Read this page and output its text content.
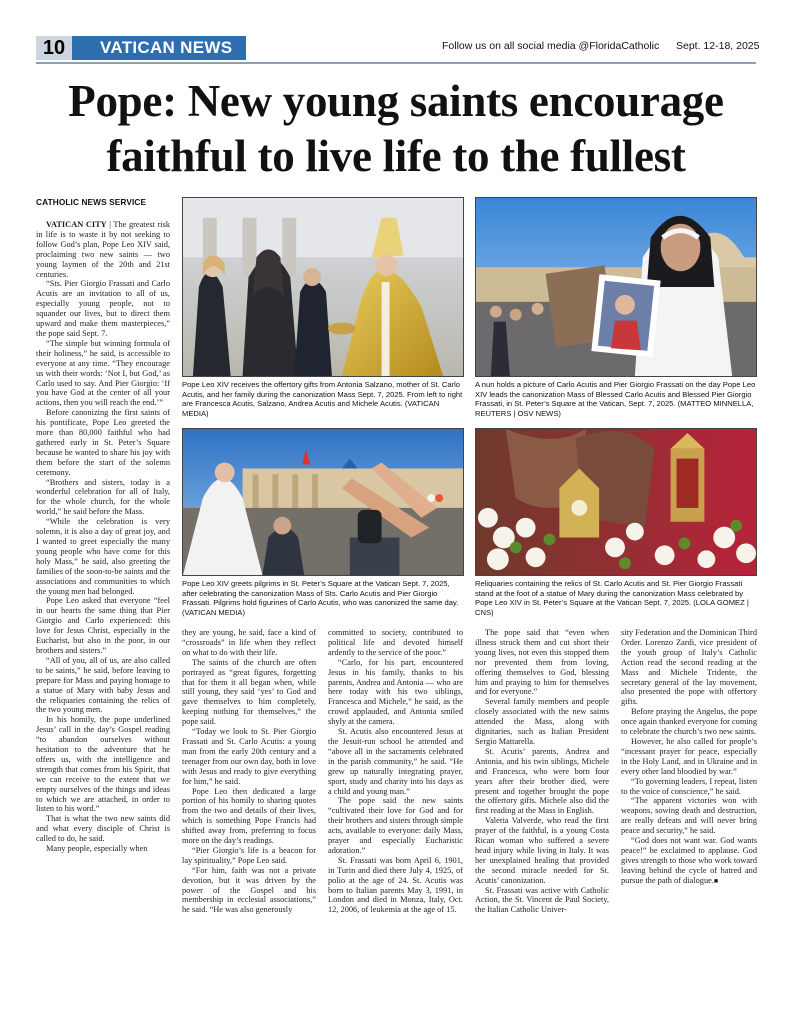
10	VATICAN NEWS	Follow us on all social media @FloridaCatholic Sept. 12-18, 2025
Pope: New young saints encourage
faithful to live life to the fullest
CATHOLIC NEWS SERVICE

VATICAN CITY | The greatest risk in life is to waste it by not seeking to follow God’s plan, Pope Leo XIV said, proclaiming two new saints — two young laymen of the 20th and 21st centuries.

“Sts. Pier Giorgio Frassati and Carlo Acutis are an invitation to all of us, especially young people, not to squander our lives, but to direct them upward and make them masterpieces,” the pope said Sept. 7.

“The simple but winning formula of their holiness,” he said, is accessible to everyone at any time. “They encourage us with their words: ‘Not I, but God,’ as Carlo used to say. And Pier Giorgio: ‘If you have God at the center of all your actions, then you will reach the end.’”

Before canonizing the first saints of his pontificate, Pope Leo greeted the more than 80,000 faithful who had gathered early in St. Peter’s Square because he wanted to share his joy with them before the start of the solemn ceremony.

“Brothers and sisters, today is a wonderful celebration for all of Italy, for the whole church, for the whole world,” he said before the Mass.

“While the celebration is very solemn, it is also a day of great joy, and I wanted to greet especially the many young people who have come for this holy Mass,” he said, also greeting the families of the soon-to-be saints and the associations and communities to which the young men had belonged.

Pope Leo asked that everyone “feel in our hearts the same thing that Pier Giorgio and Carlo experienced: this love for Jesus Christ, especially in the Eucharist, but also in the poor, in our brothers and sisters.”

“All of you, all of us, are also called to be saints,” he said, before leaving to prepare for Mass and paying homage to a statue of Mary with baby Jesus and the reliquaries containing the relics of the two young men.

In his homily, the pope underlined Jesus’ call in the day’s Gospel reading “to abandon ourselves without hesitation to the adventure that he offers us, with the intelligence and strength that comes from his Spirit, that we can receive to the extent that we empty ourselves of the things and ideas to which we are attached, in order to listen to his word.”

That is what the two new saints did and what every disciple of Christ is called to do, he said.

Many people, especially when

Pope Leo XIV receives the offertory gifts from Antonia Salzano, mother of St. Carlo Acutis, and her family during the canonization Mass Sept. 7, 2025. From left to right are Francesca Acutis, Salzano, Andrea Acutis and Michele Acutis. (VATICAN MEDIA)
A nun holds a picture of Carlo Acutis and Pier Giorgio Frassati on the day Pope Leo XIV leads the canonization Mass of Blessed Carlo Acutis and Blessed Pier Giorgio Frassati, in St. Peter’s Square at the Vatican, Sept. 7, 2025. (MATTEO MINNELLA, REUTERS | OSV NEWS)
Pope Leo XIV greets pilgrims in St. Peter’s Square at the Vatican Sept. 7, 2025, after celebrating the canonization Mass of Sts. Carlo Acutis and Pier Giorgio Frassati. Pilgrims hold figurines of Carlo Acutis, who was canonized the same day. (VATICAN MEDIA)
Reliquaries containing the relics of St. Carlo Acutis and St. Pier Giorgio Frassati stand at the foot of a statue of Mary during the canonization Mass celebrated by Pope Leo XIV in St. Peter’s Square at the Vatican Sept. 7, 2025. (LOLA GOMEZ | CNS)

they are young, he said, face a kind of “crossroads” in life when they reflect on what to do with their life.

The saints of the church are often portrayed as “great figures, forgetting that for them it all began when, while still young, they said ‘yes’ to God and gave themselves to him completely, keeping nothing for themselves,” the pope said.

“Today we look to St. Pier Giorgio Frassati and St. Carlo Acutis: a young man from the early 20th century and a teenager from our own day, both in love with Jesus and ready to give everything for him,” he said.

Pope Leo then dedicated a large portion of his homily to sharing quotes from the two and details of their lives, which is something Pope Francis had shifted away from, preferring to focus more on the day’s readings.

“Pier Giorgio’s life is a beacon for lay spirituality,” Pope Leo said.

“For him, faith was not a private devotion, but it was driven by the power of the Gospel and his membership in ecclesial associations,” he said. “He was also generously

committed to society, contributed to political life and devoted himself ardently to the service of the poor.”

“Carlo, for his part, encountered Jesus in his family, thanks to his parents, Andrea and Antonia — who are here today with his two siblings, Francesca and Michele,” he said, as the crowd applauded, and Antonia smiled shyly at the camera.

St. Acutis also encountered Jesus at the Jesuit-run school he attended and “above all in the sacraments celebrated in the parish community,” he said. “He grew up naturally integrating prayer, sport, study and charity into his days as a child and young man.”

The pope said the new saints “cultivated their love for God and for their brothers and sisters through simple acts, available to everyone: daily Mass, prayer and especially Eucharistic adoration.”

St. Frassati was born April 6, 1901, in Turin and died there July 4, 1925, of polio at the age of 24. St. Acutis was born to Italian parents May 3, 1991, in London and died in Monza, Italy, Oct. 12, 2006, of leukemia at the age of 15.

The pope said that “even when illness struck them and cut short their young lives, not even this stopped them nor prevented them from loving, offering themselves to God, blessing him and praying to him for themselves and for everyone.”

Several family members and people closely associated with the new saints attended the Mass, along with dignitaries, such as Italian President Sergio Mattarella.

St. Acutis’ parents, Andrea and Antonia, and his twin siblings, Michele and Francesca, who were born four years after their brother died, were present and together brought the pope the offertory gifts. Michele also did the first reading at the Mass in English.

Valeria Valverde, who read the first prayer of the faithful, is a young Costa Rican woman who suffered a severe head injury while living in Italy. It was her unexplained healing that provided the second miracle needed for St. Acutis’ canonization.

St. Frassati was active with Catholic Action, the St. Vincent de Paul Society, the Italian Catholic Univer-

sity Federation and the Dominican Third Order. Lorenzo Zardi, vice president of the youth group of Italy’s Catholic Action read the second reading at the Mass and Michele Tridente, the secretary general of the lay movement, also presented the pope with offertory gifts.

Before praying the Angelus, the pope once again thanked everyone for coming to celebrate the church’s two new saints.

However, he also called for people’s “incessant prayer for peace, especially in the Holy Land, and in Ukraine and in every other land bloodied by war.”

“To governing leaders, I repeat, listen to the voice of conscience,” he said.

“The apparent victories won with weapons, sowing death and destruction, are really defeats and will never bring peace and security,” he said.

“God does not want war. God wants peace!” he exclaimed to applause. God gives strength to those who work toward leaving behind the cycle of hatred and pursue the path of dialogue.■
